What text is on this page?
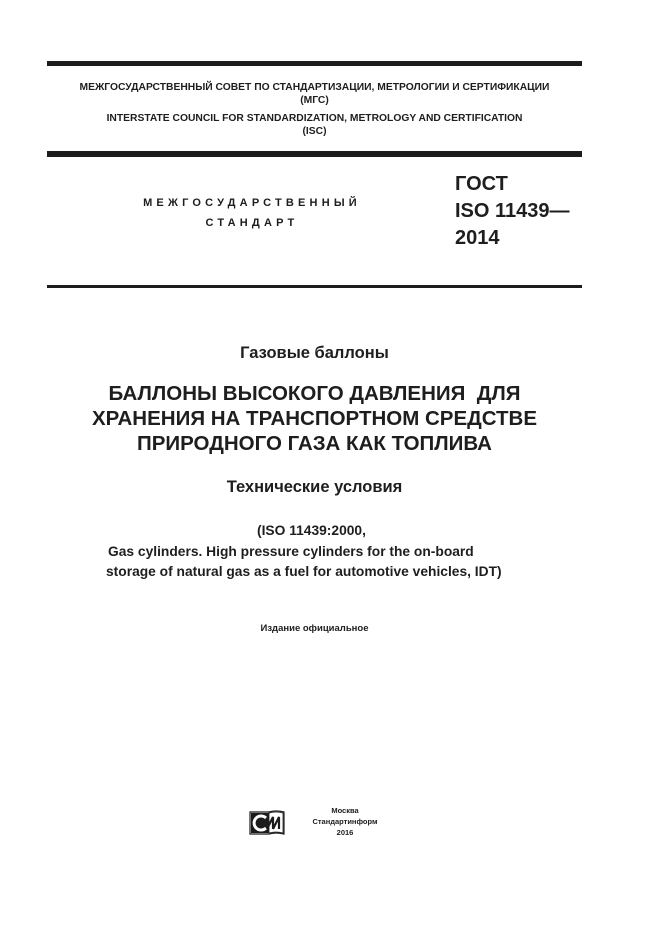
МЕЖГОСУДАРСТВЕННЫЙ СОВЕТ ПО СТАНДАРТИЗАЦИИ, МЕТРОЛОГИИ И СЕРТИФИКАЦИИ
(МГС)
INTERSTATE COUNCIL FOR STANDARDIZATION, METROLOGY AND CERTIFICATION
(ISC)
МЕЖГОСУДАРСТВЕННЫЙ
СТАНДАРТ
ГОСТ
ISO 11439—
2014
Газовые баллоны
БАЛЛОНЫ ВЫСОКОГО ДАВЛЕНИЯ  ДЛЯ
ХРАНЕНИЯ НА ТРАНСПОРТНОМ СРЕДСТВЕ
ПРИРОДНОГО ГАЗА КАК ТОПЛИВА
Технические условия
(ISO 11439:2000,
Gas cylinders. High pressure cylinders for the on-board
storage of natural gas as a fuel for automotive vehicles, IDT)
Издание официальное
Москва
Стандартинформ
2016
